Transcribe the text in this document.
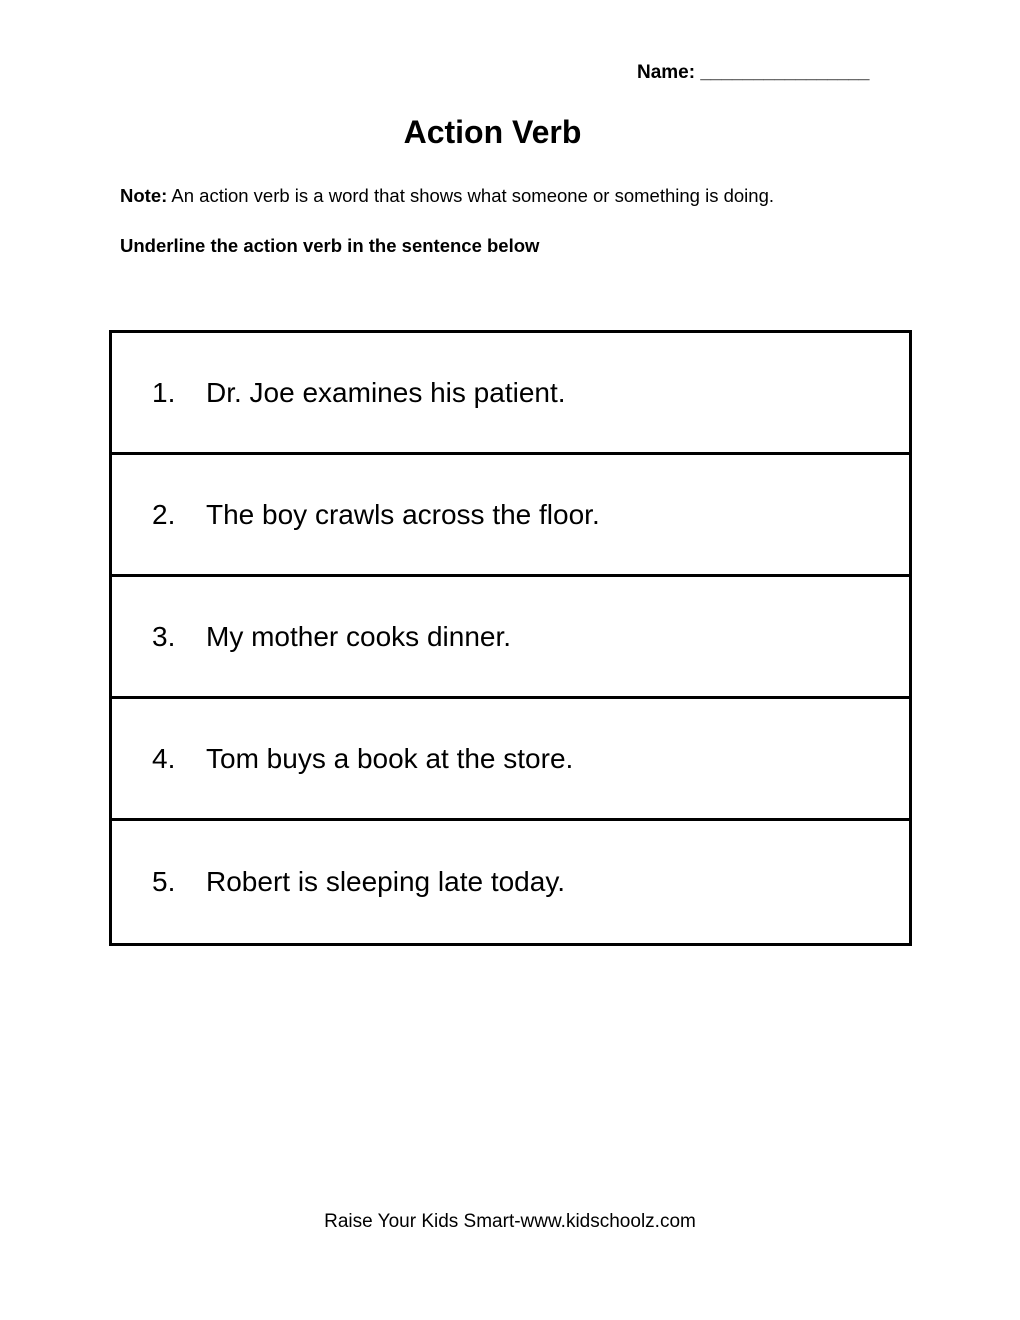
Name: ________________
Action Verb
Note: An action verb is a word that shows what someone or something is doing.
Underline the action verb in the sentence below
1.	Dr. Joe examines his patient.
2.	The boy crawls across the floor.
3.	My mother cooks dinner.
4.	Tom buys a book at the store.
5.	Robert is sleeping late today.
Raise Your Kids Smart-www.kidschoolz.com
